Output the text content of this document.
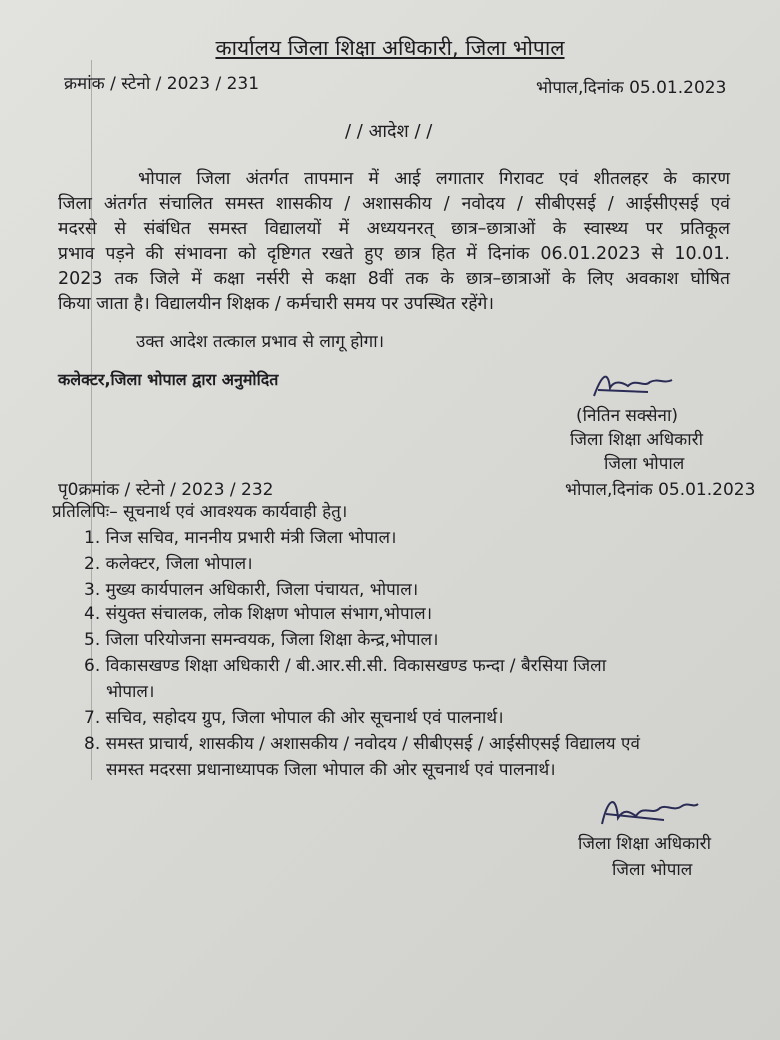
कार्यालय जिला शिक्षा अधिकारी, जिला भोपाल
क्रमांक / स्टेनो / 2023 / 231	भोपाल,दिनांक 05.01.2023
/ / आदेश / /
भोपाल जिला अंतर्गत तापमान में आई लगातार गिरावट एवं शीतलहर के कारण
जिला अंतर्गत संचालित समस्त शासकीय / अशासकीय / नवोदय / सीबीएसई / आईसीएसई एवं
मदरसे से संबंधित समस्त विद्यालयों में अध्ययनरत् छात्र–छात्राओं के स्वास्थ्य पर प्रतिकूल
प्रभाव पड़ने की संभावना को दृष्टिगत रखते हुए छात्र हित में दिनांक 06.01.2023 से 10.01.
2023 तक जिले में कक्षा नर्सरी से कक्षा 8वीं तक के छात्र–छात्राओं के लिए अवकाश घोषित
किया जाता है। विद्यालयीन शिक्षक / कर्मचारी समय पर उपस्थित रहेंगे।
उक्त आदेश तत्काल प्रभाव से लागू होगा।
कलेक्टर,जिला भोपाल द्वारा अनुमोदित
(नितिन सक्सेना)
जिला शिक्षा अधिकारी
जिला भोपाल
पृ0क्रमांक / स्टेनो / 2023 / 232	भोपाल,दिनांक 05.01.2023
प्रतिलिपिः– सूचनार्थ एवं आवश्यक कार्यवाही हेतु।
1. निज सचिव, माननीय प्रभारी मंत्री जिला भोपाल।
2. कलेक्टर, जिला भोपाल।
3. मुख्य कार्यपालन अधिकारी, जिला पंचायत, भोपाल।
4. संयुक्त संचालक, लोक शिक्षण भोपाल संभाग,भोपाल।
5. जिला परियोजना समन्वयक, जिला शिक्षा केन्द्र,भोपाल।
6. विकासखण्ड शिक्षा अधिकारी / बी.आर.सी.सी. विकासखण्ड फन्दा / बैरसिया जिला
भोपाल।
7. सचिव, सहोदय ग्रुप, जिला भोपाल की ओर सूचनार्थ एवं पालनार्थ।
8. समस्त प्राचार्य, शासकीय / अशासकीय / नवोदय / सीबीएसई / आईसीएसई विद्यालय एवं
समस्त मदरसा प्रधानाध्यापक जिला भोपाल की ओर सूचनार्थ एवं पालनार्थ।
जिला शिक्षा अधिकारी
जिला भोपाल
